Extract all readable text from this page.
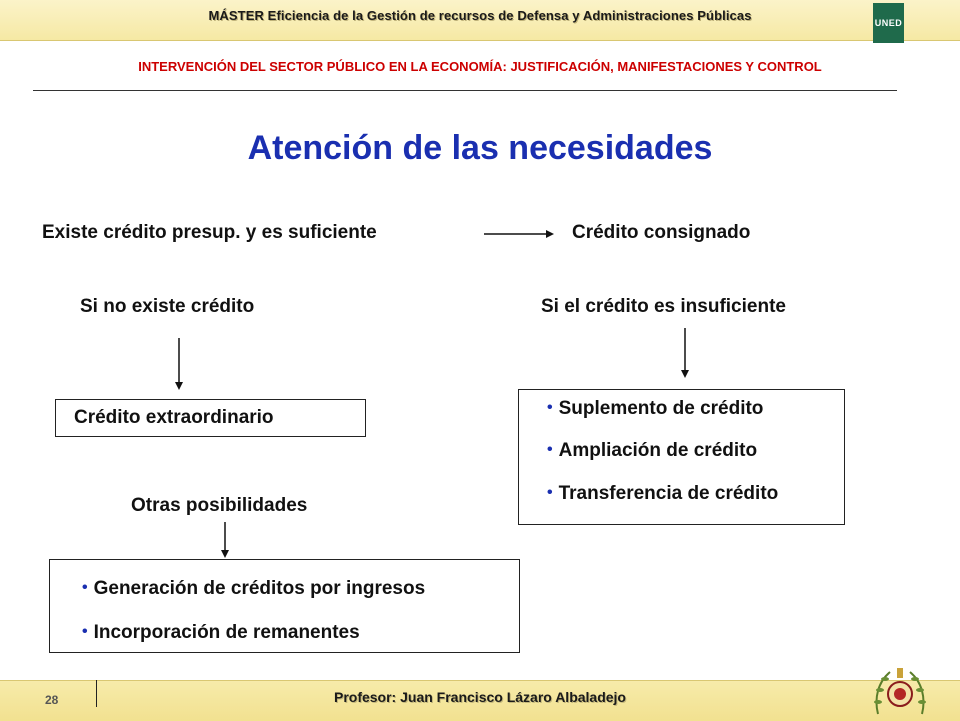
MÁSTER Eficiencia de la Gestión de recursos de Defensa y Administraciones Públicas	UNED
INTERVENCIÓN DEL SECTOR PÚBLICO EN LA ECONOMÍA: JUSTIFICACIÓN, MANIFESTACIONES Y CONTROL
Atención de las necesidades
Existe crédito presup. y es suficiente	Crédito consignado
Si no existe crédito
Crédito extraordinario
Si el crédito es insuficiente
• Suplemento de crédito
• Ampliación de crédito
• Transferencia de crédito
Otras posibilidades
• Generación de créditos por ingresos
• Incorporación de remanentes
28	Profesor: Juan Francisco Lázaro Albaladejo
